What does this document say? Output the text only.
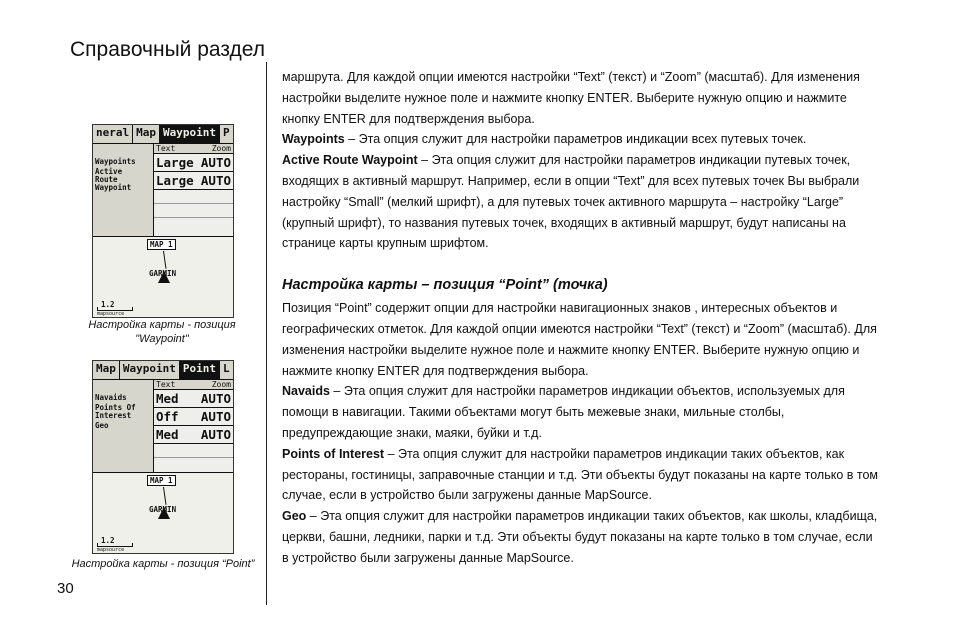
Справочный раздел
30
neral Map Waypoint P
Waypoints
Active Route Waypoint
Text	Zoom
Large AUTO
Large AUTO
MAP 1
GARMIN
1.2
mapsource
Настройка карты - позиция "Waypoint"
Map Waypoint Point L
Navaids
Points Of Interest
Geo
Text	Zoom
Med AUTO
Off AUTO
Med AUTO
MAP 1
GARMIN
1.2
mapsource
Настройка карты - позиция “Point”

маршрута. Для каждой опции имеются настройки “Text” (текст) и “Zoom” (масштаб). Для изменения настройки выделите нужное поле и нажмите кнопку ENTER. Выберите нужную опцию и нажмите кнопку ENTER для подтверждения выбора.

Waypoints – Эта опция служит для настройки параметров индикации всех путевых точек.

Active Route Waypoint – Эта опция служит для настройки параметров индикации путевых точек, входящих в активный маршрут. Например, если в опции “Text” для всех путевых точек Вы выбрали настройку “Small” (мелкий шрифт), а для путевых точек активного маршрута – настройку “Large” (крупный шрифт), то названия путевых точек, входящих в активный маршрут, будут написаны на странице карты крупным шрифтом.

Настройка карты – позиция “Point” (точка)

Позиция “Point” содержит опции для настройки навигационных знаков , интересных объектов и географических отметок. Для каждой опции имеются настройки “Text” (текст) и “Zoom” (масштаб). Для изменения настройки выделите нужное поле и нажмите кнопку ENTER. Выберите нужную опцию и нажмите кнопку ENTER для подтверждения выбора.

Navaids – Эта опция служит для настройки параметров индикации объектов, используемых для помощи в навигации. Такими объектами могут быть межевые знаки, мильные столбы, предупреждающие знаки, маяки, буйки и т.д.

Points of Interest – Эта опция служит для настройки параметров индикации таких объектов, как рестораны, гостиницы, заправочные станции и т.д. Эти объекты будут показаны на карте только в том случае, если в устройство были загружены данные MapSource.

Geo – Эта опция служит для настройки параметров индикации таких объектов, как школы, кладбища, церкви, башни, ледники, парки и т.д. Эти объекты будут показаны на карте только в том случае, если в устройство были загружены данные MapSource.
